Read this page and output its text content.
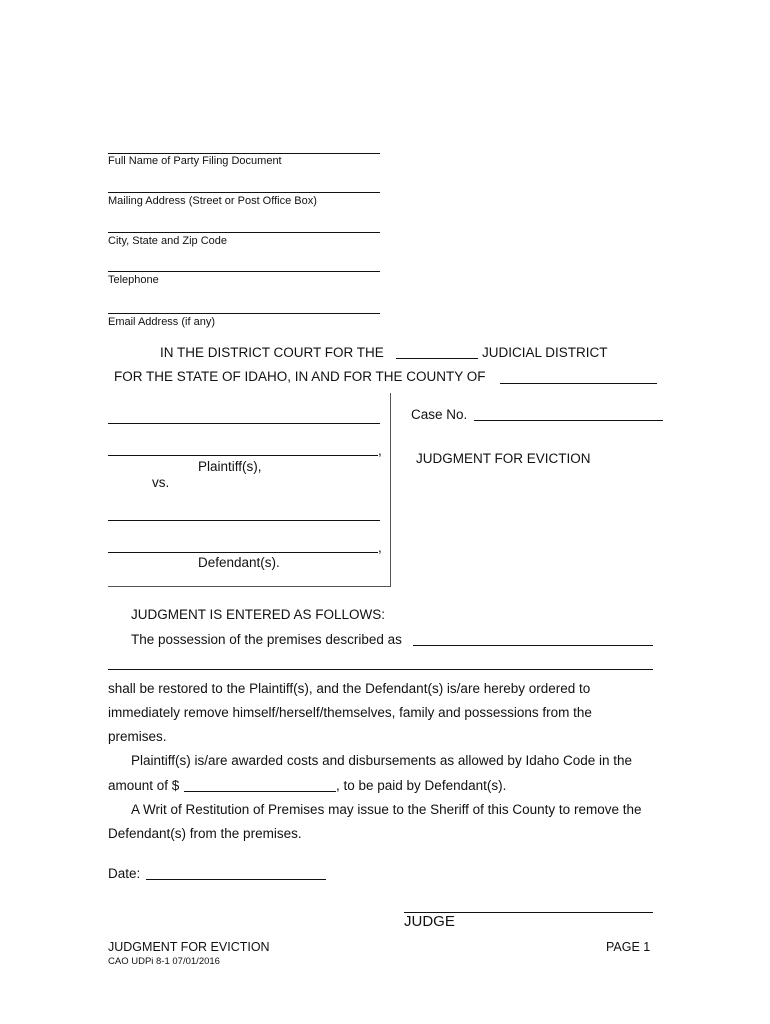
Full Name of Party Filing Document
Mailing Address (Street or Post Office Box)
City, State and Zip Code
Telephone
Email Address (if any)
IN THE DISTRICT COURT FOR THE	JUDICIAL DISTRICT
FOR THE STATE OF IDAHO, IN AND FOR THE COUNTY OF
,
Plaintiff(s),
vs.
,
Defendant(s).
Case No.
JUDGMENT FOR EVICTION
JUDGMENT IS ENTERED AS FOLLOWS:
The possession of the premises described as
shall be restored to the Plaintiff(s), and the Defendant(s) is/are hereby ordered to
immediately remove himself/herself/themselves, family and possessions from the
premises.
Plaintiff(s) is/are awarded costs and disbursements as allowed by Idaho Code in the
amount of $	, to be paid by Defendant(s).
A Writ of Restitution of Premises may issue to the Sheriff of this County to remove the
Defendant(s) from the premises.
Date:
JUDGE
JUDGMENT FOR EVICTION
CAO UDPi 8-1 07/01/2016
PAGE 1
